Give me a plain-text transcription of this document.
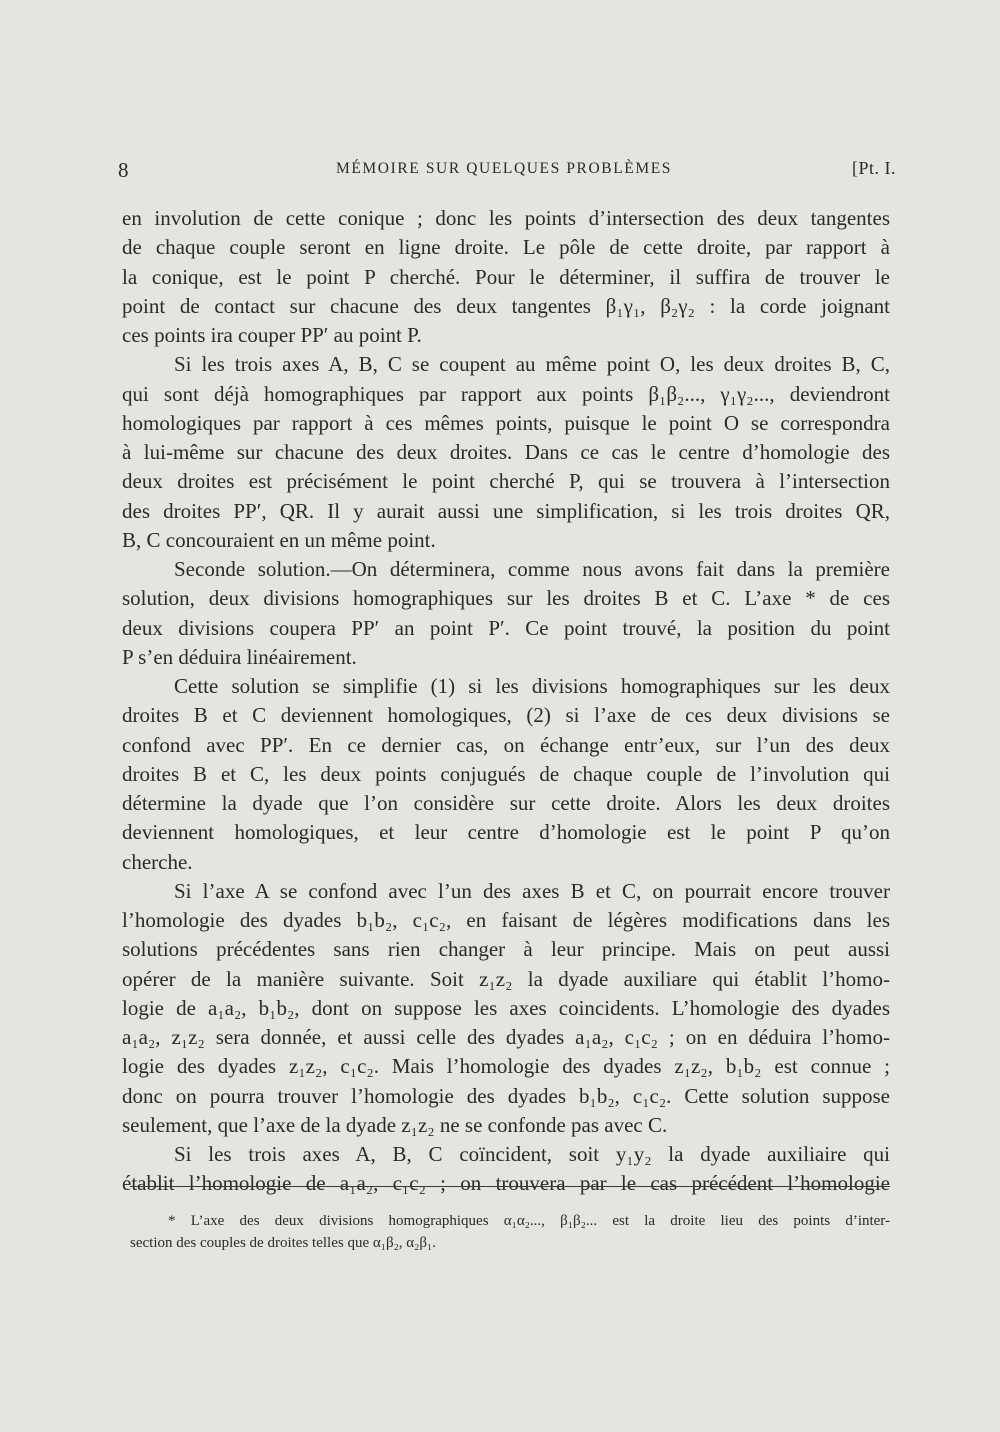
8	MÉMOIRE SUR QUELQUES PROBLÈMES	[Pt. I.
en involution de cette conique ; donc les points d’intersection des deux tangentes
de chaque couple seront en ligne droite. Le pôle de cette droite, par rapport à
la conique, est le point P cherché. Pour le déterminer, il suffira de trouver le
point de contact sur chacune des deux tangentes β₁γ₁, β₂γ₂ : la corde joignant
ces points ira couper PP′ au point P.
Si les trois axes A, B, C se coupent au même point O, les deux droites B, C,
qui sont déjà homographiques par rapport aux points β₁β₂..., γ₁γ₂..., deviendront
homologiques par rapport à ces mêmes points, puisque le point O se correspondra
à lui-même sur chacune des deux droites. Dans ce cas le centre d’homologie des
deux droites est précisément le point cherché P, qui se trouvera à l’intersection
des droites PP′, QR. Il y aurait aussi une simplification, si les trois droites QR,
B, C concouraient en un même point.
Seconde solution.—On déterminera, comme nous avons fait dans la première
solution, deux divisions homographiques sur les droites B et C. L’axe * de ces
deux divisions coupera PP′ an point P′. Ce point trouvé, la position du point
P s’en déduira linéairement.
Cette solution se simplifie (1) si les divisions homographiques sur les deux
droites B et C deviennent homologiques, (2) si l’axe de ces deux divisions se
confond avec PP′. En ce dernier cas, on échange entr’eux, sur l’un des deux
droites B et C, les deux points conjugués de chaque couple de l’involution qui
détermine la dyade que l’on considère sur cette droite. Alors les deux droites
deviennent homologiques, et leur centre d’homologie est le point P qu’on
cherche.
Si l’axe A se confond avec l’un des axes B et C, on pourrait encore trouver
l’homologie des dyades b₁b₂, c₁c₂, en faisant de légères modifications dans les
solutions précédentes sans rien changer à leur principe. Mais on peut aussi
opérer de la manière suivante. Soit z₁z₂ la dyade auxiliare qui établit l’homo-
logie de a₁a₂, b₁b₂, dont on suppose les axes coincidents. L’homologie des dyades
a₁a₂, z₁z₂ sera donnée, et aussi celle des dyades a₁a₂, c₁c₂ ; on en déduira l’homo-
logie des dyades z₁z₂, c₁c₂. Mais l’homologie des dyades z₁z₂, b₁b₂ est connue ;
donc on pourra trouver l’homologie des dyades b₁b₂, c₁c₂. Cette solution suppose
seulement, que l’axe de la dyade z₁z₂ ne se confonde pas avec C.
Si les trois axes A, B, C coïncident, soit y₁y₂ la dyade auxiliaire qui
établit l’homologie de a₁a₂, c₁c₂ ; on trouvera par le cas précédent l’homologie
* L’axe des deux divisions homographiques α₁α₂..., β₁β₂... est la droite lieu des points d’inter-
section des couples de droites telles que α₁β₂, α₂β₁.
